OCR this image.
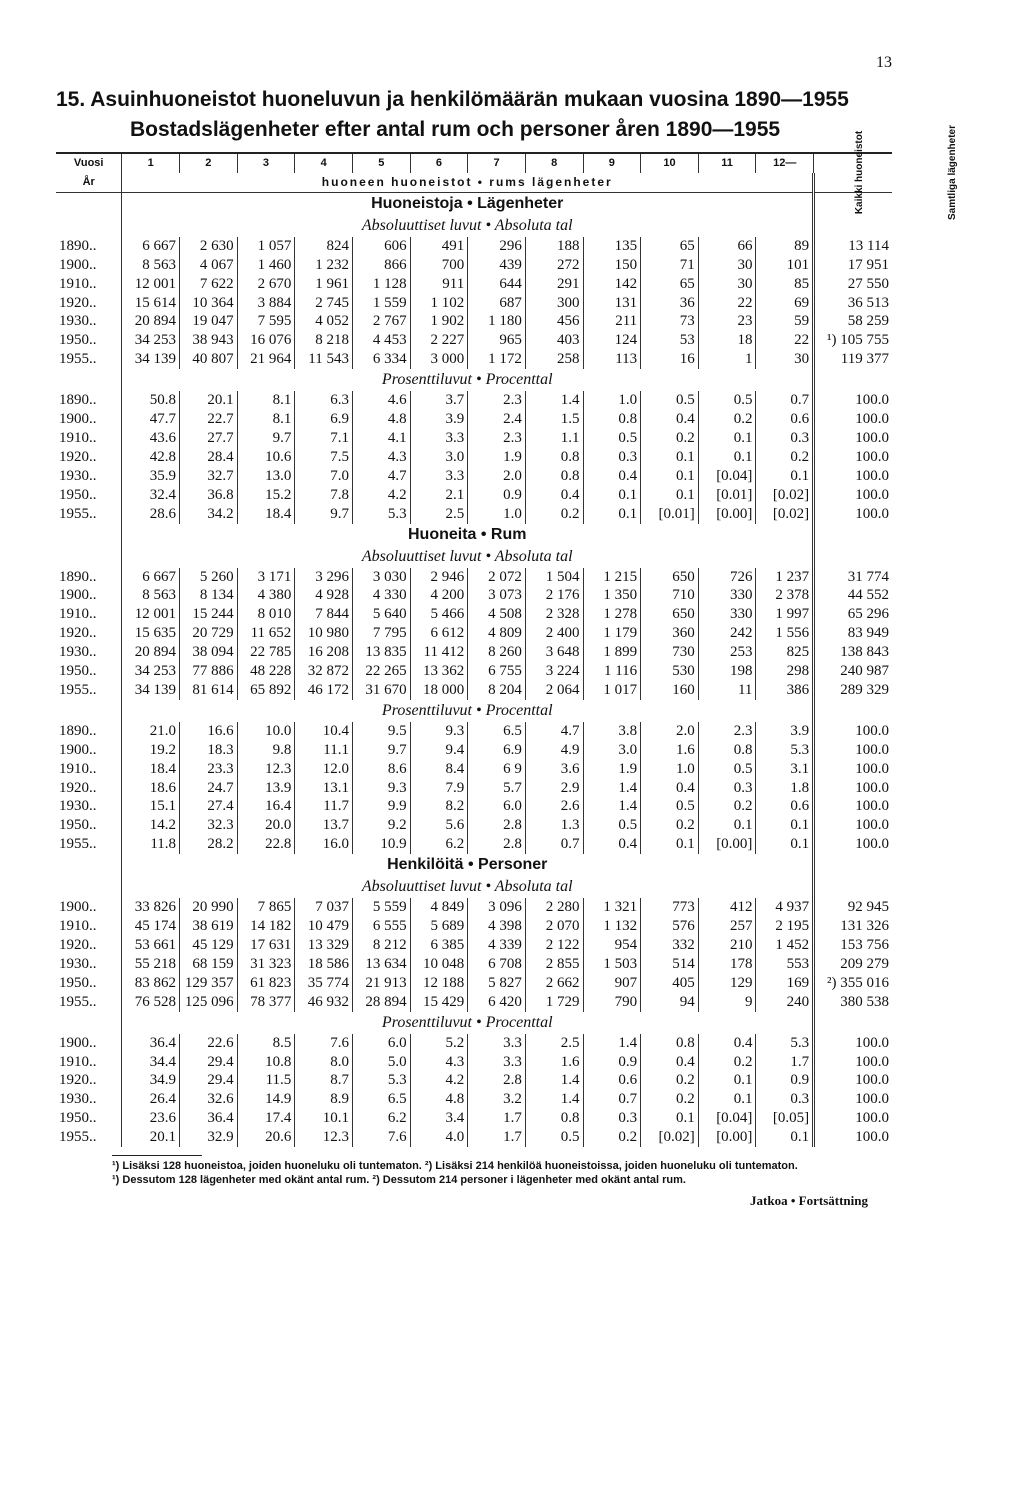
13
15. Asuinhuoneistot huoneluvun ja henkilömäärän mukaan vuosina 1890—1955
Bostadslägenheter efter antal rum och personer åren 1890—1955
Vuosi	1	2	3	4	5	6	7	8	9	10	11	12—	Kaikki huoneistot Samtliga lägenheter
År	huoneen huoneistot • rums lägenheter												
	Huoneistoja • Lägenheter												
	Absoluuttiset luvut • Absoluta tal												
1890..	6 667	2 630	1 057	824	606	491	296	188	135	65	66	89	13 114
1900..	8 563	4 067	1 460	1 232	866	700	439	272	150	71	30	101	17 951
1910..	12 001	7 622	2 670	1 961	1 128	911	644	291	142	65	30	85	27 550
1920..	15 614	10 364	3 884	2 745	1 559	1 102	687	300	131	36	22	69	36 513
1930..	20 894	19 047	7 595	4 052	2 767	1 902	1 180	456	211	73	23	59	58 259
1950..	34 253	38 943	16 076	8 218	4 453	2 227	965	403	124	53	18	22	¹) 105 755
1955..	34 139	40 807	21 964	11 543	6 334	3 000	1 172	258	113	16	1	30	119 377
	Prosenttiluvut • Procenttal												
1890..	50.8	20.1	8.1	6.3	4.6	3.7	2.3	1.4	1.0	0.5	0.5	0.7	100.0
1900..	47.7	22.7	8.1	6.9	4.8	3.9	2.4	1.5	0.8	0.4	0.2	0.6	100.0
1910..	43.6	27.7	9.7	7.1	4.1	3.3	2.3	1.1	0.5	0.2	0.1	0.3	100.0
1920..	42.8	28.4	10.6	7.5	4.3	3.0	1.9	0.8	0.3	0.1	0.1	0.2	100.0
1930..	35.9	32.7	13.0	7.0	4.7	3.3	2.0	0.8	0.4	0.1	[0.04]	0.1	100.0
1950..	32.4	36.8	15.2	7.8	4.2	2.1	0.9	0.4	0.1	0.1	[0.01]	[0.02]	100.0
1955..	28.6	34.2	18.4	9.7	5.3	2.5	1.0	0.2	0.1	[0.01]	[0.00]	[0.02]	100.0
	Huoneita • Rum												
	Absoluuttiset luvut • Absoluta tal												
1890..	6 667	5 260	3 171	3 296	3 030	2 946	2 072	1 504	1 215	650	726	1 237	31 774
1900..	8 563	8 134	4 380	4 928	4 330	4 200	3 073	2 176	1 350	710	330	2 378	44 552
1910..	12 001	15 244	8 010	7 844	5 640	5 466	4 508	2 328	1 278	650	330	1 997	65 296
1920..	15 635	20 729	11 652	10 980	7 795	6 612	4 809	2 400	1 179	360	242	1 556	83 949
1930..	20 894	38 094	22 785	16 208	13 835	11 412	8 260	3 648	1 899	730	253	825	138 843
1950..	34 253	77 886	48 228	32 872	22 265	13 362	6 755	3 224	1 116	530	198	298	240 987
1955..	34 139	81 614	65 892	46 172	31 670	18 000	8 204	2 064	1 017	160	11	386	289 329
	Prosenttiluvut • Procenttal												
1890..	21.0	16.6	10.0	10.4	9.5	9.3	6.5	4.7	3.8	2.0	2.3	3.9	100.0
1900..	19.2	18.3	9.8	11.1	9.7	9.4	6.9	4.9	3.0	1.6	0.8	5.3	100.0
1910..	18.4	23.3	12.3	12.0	8.6	8.4	6 9	3.6	1.9	1.0	0.5	3.1	100.0
1920..	18.6	24.7	13.9	13.1	9.3	7.9	5.7	2.9	1.4	0.4	0.3	1.8	100.0
1930..	15.1	27.4	16.4	11.7	9.9	8.2	6.0	2.6	1.4	0.5	0.2	0.6	100.0
1950..	14.2	32.3	20.0	13.7	9.2	5.6	2.8	1.3	0.5	0.2	0.1	0.1	100.0
1955..	11.8	28.2	22.8	16.0	10.9	6.2	2.8	0.7	0.4	0.1	[0.00]	0.1	100.0
	Henkilöitä • Personer												
	Absoluuttiset luvut • Absoluta tal												
1900..	33 826	20 990	7 865	7 037	5 559	4 849	3 096	2 280	1 321	773	412	4 937	92 945
1910..	45 174	38 619	14 182	10 479	6 555	5 689	4 398	2 070	1 132	576	257	2 195	131 326
1920..	53 661	45 129	17 631	13 329	8 212	6 385	4 339	2 122	954	332	210	1 452	153 756
1930..	55 218	68 159	31 323	18 586	13 634	10 048	6 708	2 855	1 503	514	178	553	209 279
1950..	83 862	129 357	61 823	35 774	21 913	12 188	5 827	2 662	907	405	129	169	²) 355 016
1955..	76 528	125 096	78 377	46 932	28 894	15 429	6 420	1 729	790	94	9	240	380 538
	Prosenttiluvut • Procenttal												
1900..	36.4	22.6	8.5	7.6	6.0	5.2	3.3	2.5	1.4	0.8	0.4	5.3	100.0
1910..	34.4	29.4	10.8	8.0	5.0	4.3	3.3	1.6	0.9	0.4	0.2	1.7	100.0
1920..	34.9	29.4	11.5	8.7	5.3	4.2	2.8	1.4	0.6	0.2	0.1	0.9	100.0
1930..	26.4	32.6	14.9	8.9	6.5	4.8	3.2	1.4	0.7	0.2	0.1	0.3	100.0
1950..	23.6	36.4	17.4	10.1	6.2	3.4	1.7	0.8	0.3	0.1	[0.04]	[0.05]	100.0
1955..	20.1	32.9	20.6	12.3	7.6	4.0	1.7	0.5	0.2	[0.02]	[0.00]	0.1	100.0
¹) Lisäksi 128 huoneistoa, joiden huoneluku oli tuntematon. ²) Lisäksi 214 henkilöä huoneistoissa, joiden huoneluku oli tuntematon.
¹) Dessutom 128 lägenheter med okänt antal rum. ²) Dessutom 214 personer i lägenheter med okänt antal rum.
Jatkoa • Fortsättning
